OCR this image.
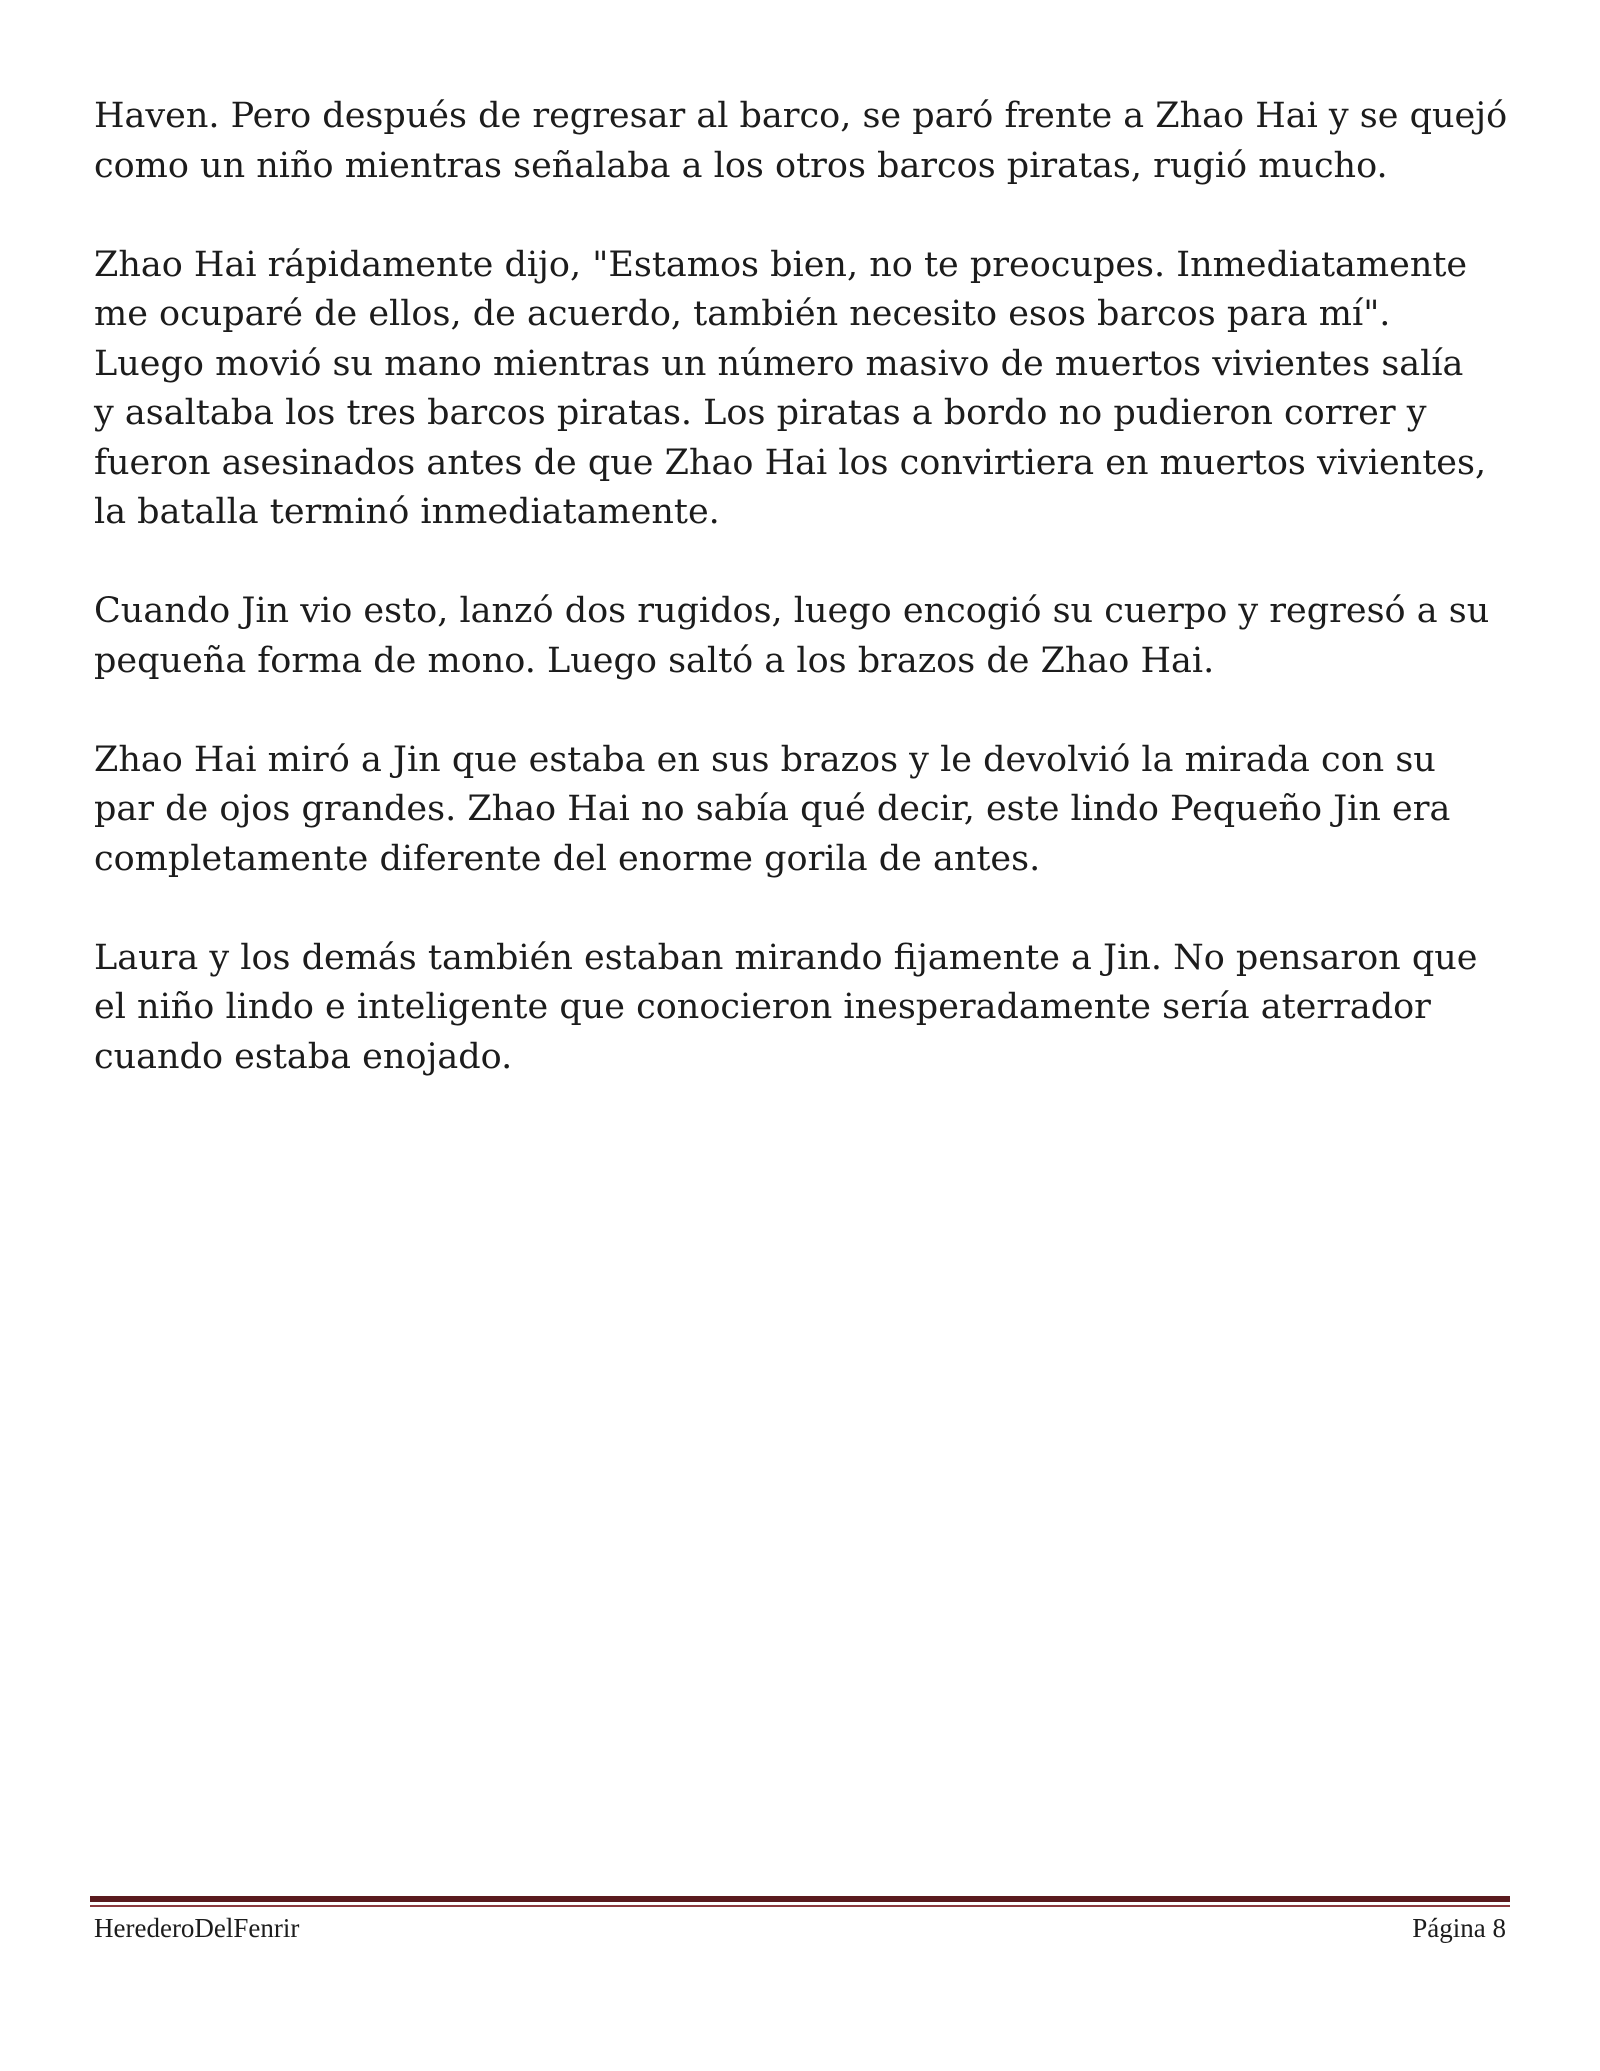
Haven. Pero después de regresar al barco, se paró frente a Zhao Hai y se quejó
como un niño mientras señalaba a los otros barcos piratas, rugió mucho.

Zhao Hai rápidamente dijo, "Estamos bien, no te preocupes. Inmediatamente
me ocuparé de ellos, de acuerdo, también necesito esos barcos para mí".
Luego movió su mano mientras un número masivo de muertos vivientes salía
y asaltaba los tres barcos piratas. Los piratas a bordo no pudieron correr y
fueron asesinados antes de que Zhao Hai los convirtiera en muertos vivientes,
la batalla terminó inmediatamente.

Cuando Jin vio esto, lanzó dos rugidos, luego encogió su cuerpo y regresó a su
pequeña forma de mono. Luego saltó a los brazos de Zhao Hai.

Zhao Hai miró a Jin que estaba en sus brazos y le devolvió la mirada con su
par de ojos grandes. Zhao Hai no sabía qué decir, este lindo Pequeño Jin era
completamente diferente del enorme gorila de antes.

Laura y los demás también estaban mirando fijamente a Jin. No pensaron que
el niño lindo e inteligente que conocieron inesperadamente sería aterrador
cuando estaba enojado.

HerederoDelFenrir	Página 8
